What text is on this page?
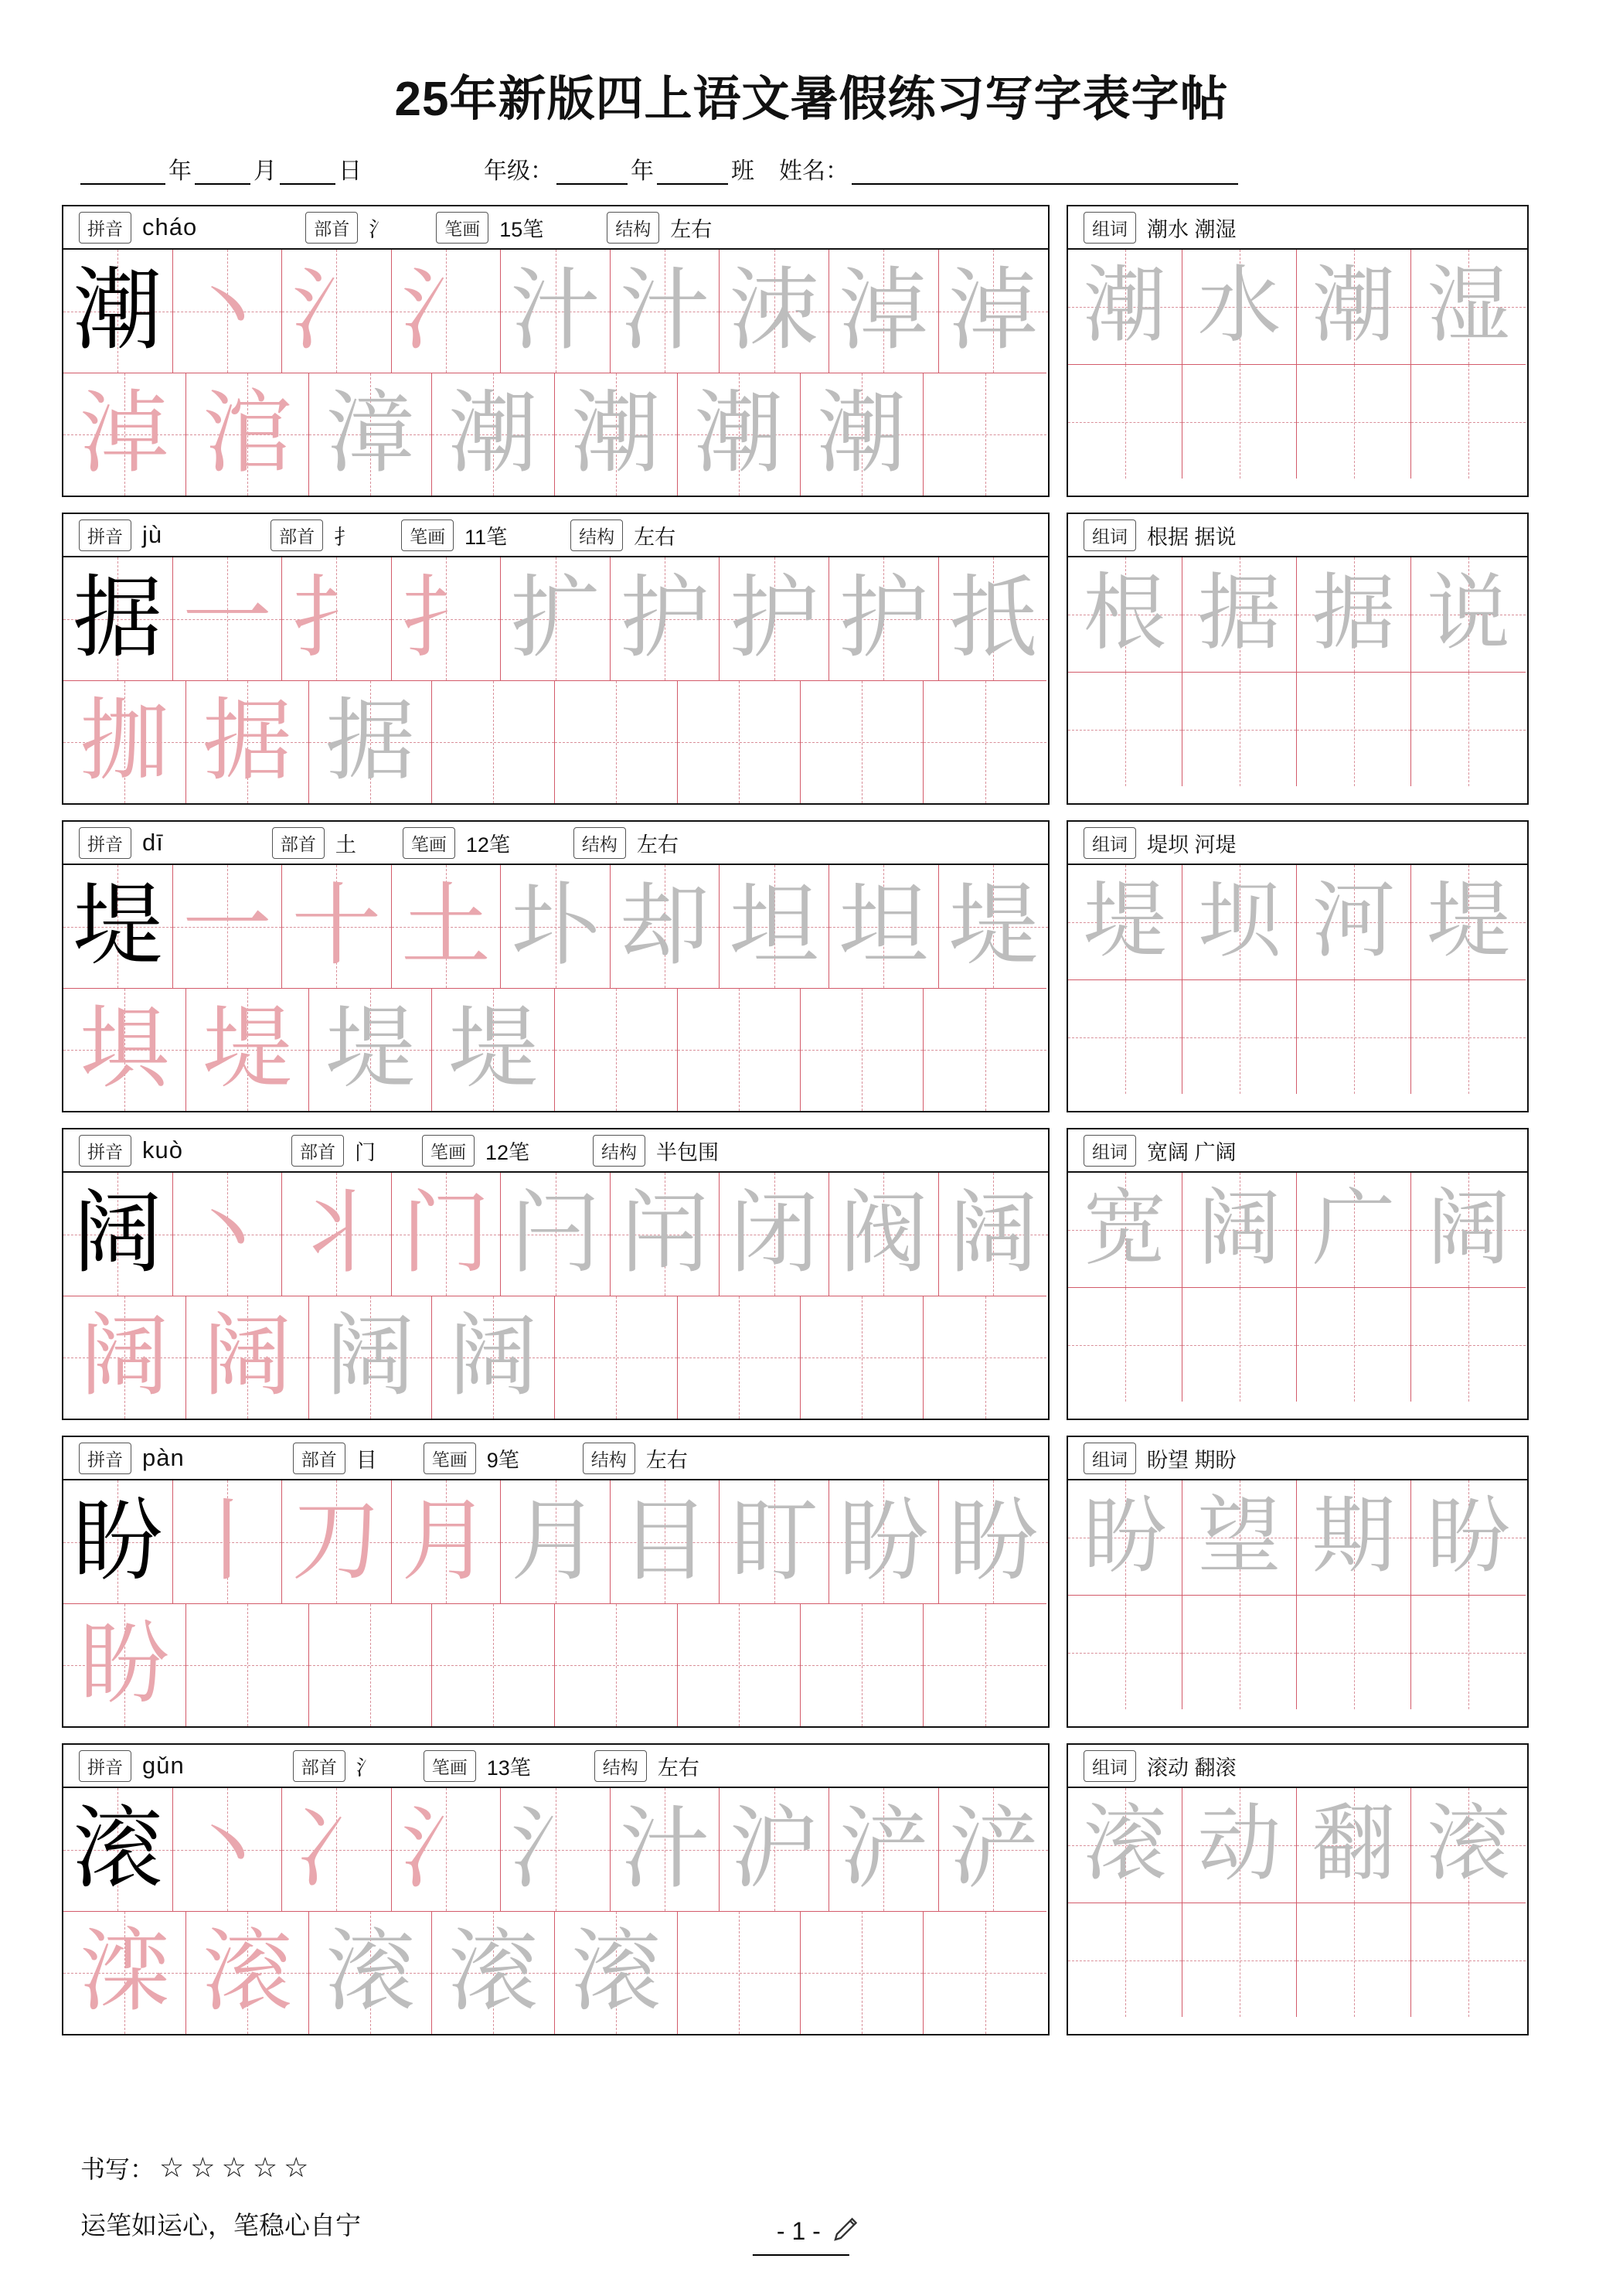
25年新版四上语文暑假练习写字表字帖
年	月	日	年级：	年	班	姓名：
拼音 cháo	部首 氵	笔画 15笔	结构 左右
潮 丶 氵 氵 汁 汁 洓 淖 淖
淖 涫 漳 潮 潮 潮 潮
组词 潮水 潮湿
潮 水 潮 湿
拼音 jù	部首 扌	笔画 11笔	结构 左右
据 一 扌 扌 扩 护 护 护 扺
拁 据 据
组词 根据 据说
根 据 据 说
拼音 dī	部首 土	笔画 12笔	结构 左右
堤 一 十 土 圤 却 坦 坦 堤
埧 堤 堤 堤
组词 堤坝 河堤
堤 坝 河 堤
拼音 kuò	部首 门	笔画 12笔	结构 半包围
阔 丶 丬 门 闩 闬 闭 阀 阔
阔 阔 阔 阔
组词 宽阔 广阔
宽 阔 广 阔
拼音 pàn	部首 目	笔画 9笔	结构 左右
盼 丨 刀 月 月 目 盯 盼 盼
盼
组词 盼望 期盼
盼 望 期 盼
拼音 gǔn	部首 氵	笔画 13笔	结构 左右
滚 丶 冫 氵 氵 汁 沪 浐 浐
滦 滚 滚 滚 滚
组词 滚动 翻滚
滚 动 翻 滚
书写： ☆☆☆☆☆
运笔如运心，笔稳心自宁	- 1 -
